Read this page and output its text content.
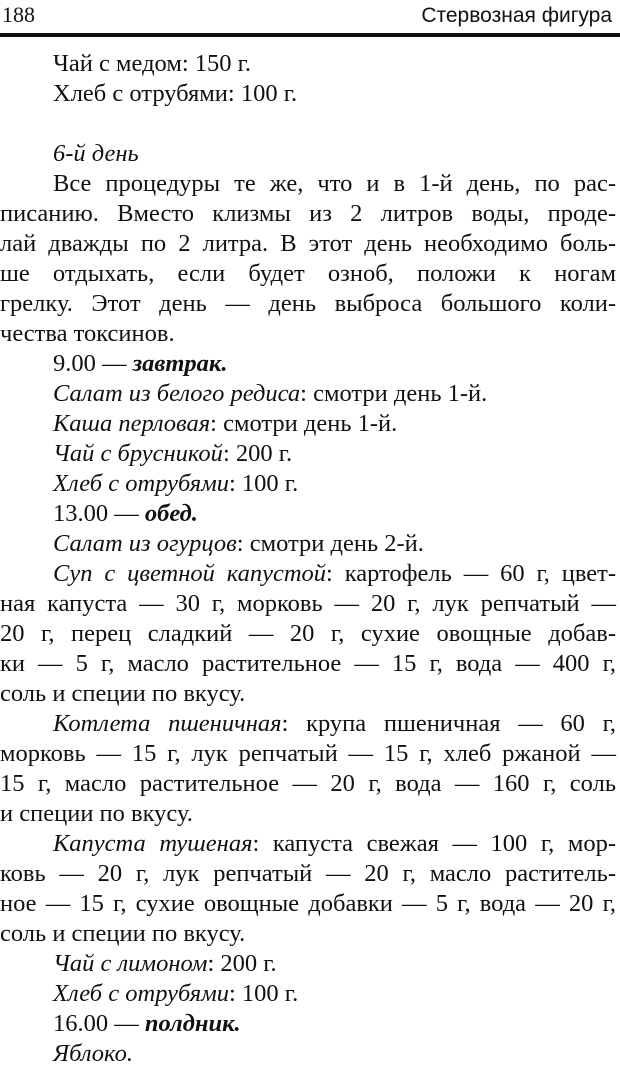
188	Стервозная фигура
Чай с медом: 150 г.
Хлеб с отрубями: 100 г.
6-й день
Все процедуры те же, что и в 1-й день, по рас-
писанию. Вместо клизмы из 2 литров воды, проде-
лай дважды по 2 литра. В этот день необходимо боль-
ше отдыхать, если будет озноб, положи к ногам
грелку. Этот день — день выброса большого коли-
чества токсинов.
9.00 — завтрак.
Салат из белого редиса: смотри день 1-й.
Каша перловая: смотри день 1-й.
Чай с брусникой: 200 г.
Хлеб с отрубями: 100 г.
13.00 — обед.
Салат из огурцов: смотри день 2-й.
Суп с цветной капустой: картофель — 60 г, цвет-
ная капуста — 30 г, морковь — 20 г, лук репчатый —
20 г, перец сладкий — 20 г, сухие овощные добав-
ки — 5 г, масло растительное — 15 г, вода — 400 г,
соль и специи по вкусу.
Котлета пшеничная: крупа пшеничная — 60 г,
морковь — 15 г, лук репчатый — 15 г, хлеб ржаной —
15 г, масло растительное — 20 г, вода — 160 г, соль
и специи по вкусу.
Капуста тушеная: капуста свежая — 100 г, мор-
ковь — 20 г, лук репчатый — 20 г, масло раститель-
ное — 15 г, сухие овощные добавки — 5 г, вода — 20 г,
соль и специи по вкусу.
Чай с лимоном: 200 г.
Хлеб с отрубями: 100 г.
16.00 — полдник.
Яблоко.
